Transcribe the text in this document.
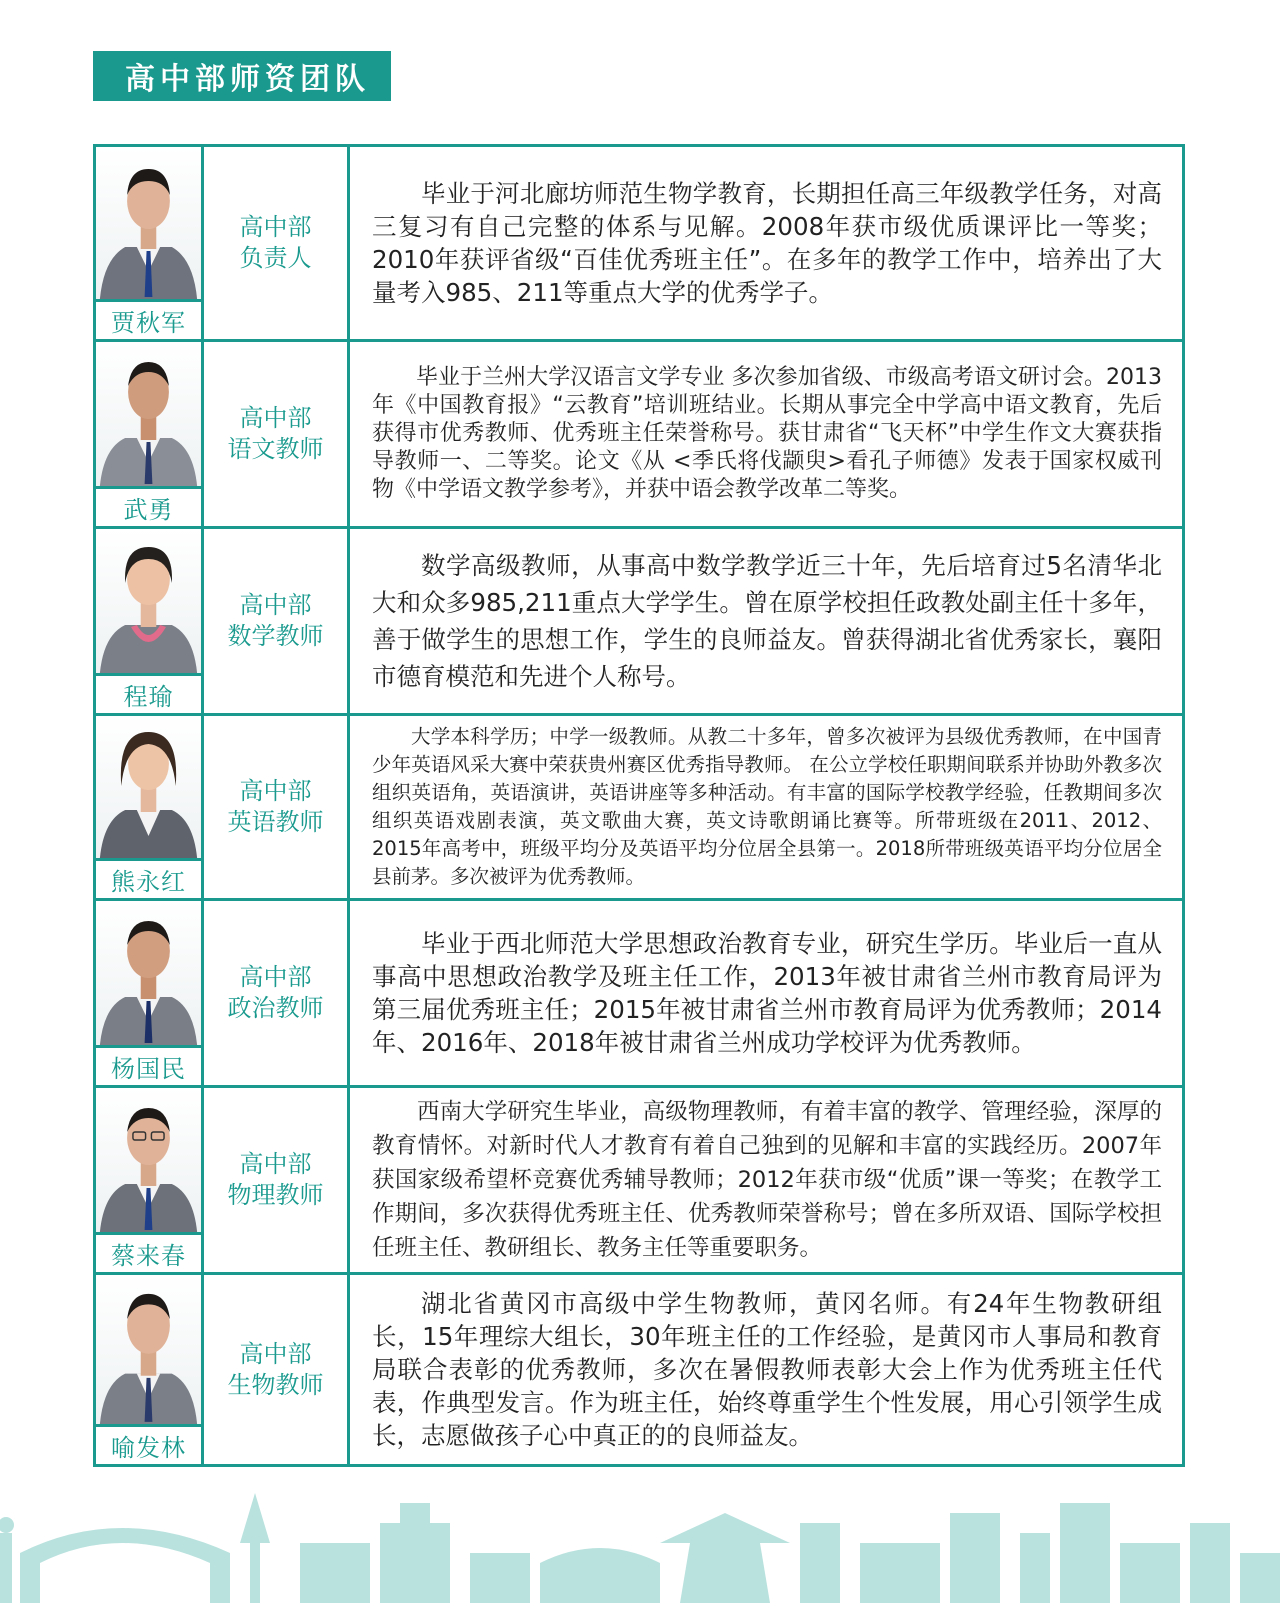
高中部师资团队
贾秋军
高中部
负责人

毕业于河北廊坊师范生物学教育，长期担任高三年级教学任务，对高三复习有自己完整的体系与见解。2008年获市级优质课评比一等奖；2010年获评省级“百佳优秀班主任”。在多年的教学工作中，培养出了大量考入985、211等重点大学的优秀学子。

武勇
高中部
语文教师

毕业于兰州大学汉语言文学专业 多次参加省级、市级高考语文研讨会。2013年《中国教育报》“云教育”培训班结业。长期从事完全中学高中语文教育，先后获得市优秀教师、优秀班主任荣誉称号。获甘肃省“飞天杯”中学生作文大赛获指导教师一、二等奖。论文《从 <季氏将伐颛臾>看孔子师德》发表于国家权威刊物《中学语文教学参考》，并获中语会教学改革二等奖。

程瑜
高中部
数学教师

数学高级教师，从事高中数学教学近三十年，先后培育过5名清华北大和众多985,211重点大学学生。曾在原学校担任政教处副主任十多年，善于做学生的思想工作，学生的良师益友。曾获得湖北省优秀家长，襄阳市德育模范和先进个人称号。

熊永红
高中部
英语教师

大学本科学历；中学一级教师。从教二十多年，曾多次被评为县级优秀教师，在中国青少年英语风采大赛中荣获贵州赛区优秀指导教师。 在公立学校任职期间联系并协助外教多次组织英语角，英语演讲，英语讲座等多种活动。有丰富的国际学校教学经验，任教期间多次组织英语戏剧表演，英文歌曲大赛，英文诗歌朗诵比赛等。所带班级在2011、2012、2015年高考中，班级平均分及英语平均分位居全县第一。2018所带班级英语平均分位居全县前茅。多次被评为优秀教师。

杨国民
高中部
政治教师

毕业于西北师范大学思想政治教育专业，研究生学历。毕业后一直从事高中思想政治教学及班主任工作，2013年被甘肃省兰州市教育局评为第三届优秀班主任；2015年被甘肃省兰州市教育局评为优秀教师；2014年、2016年、2018年被甘肃省兰州成功学校评为优秀教师。

蔡来春
高中部
物理教师

西南大学研究生毕业，高级物理教师，有着丰富的教学、管理经验，深厚的教育情怀。对新时代人才教育有着自己独到的见解和丰富的实践经历。2007年获国家级希望杯竞赛优秀辅导教师；2012年获市级“优质”课一等奖；在教学工作期间，多次获得优秀班主任、优秀教师荣誉称号；曾在多所双语、国际学校担任班主任、教研组长、教务主任等重要职务。

喻发林
高中部
生物教师

湖北省黄冈市高级中学生物教师，黄冈名师。有24年生物教研组长，15年理综大组长，30年班主任的工作经验，是黄冈市人事局和教育局联合表彰的优秀教师，多次在暑假教师表彰大会上作为优秀班主任代表，作典型发言。作为班主任，始终尊重学生个性发展，用心引领学生成长，志愿做孩子心中真正的的良师益友。
